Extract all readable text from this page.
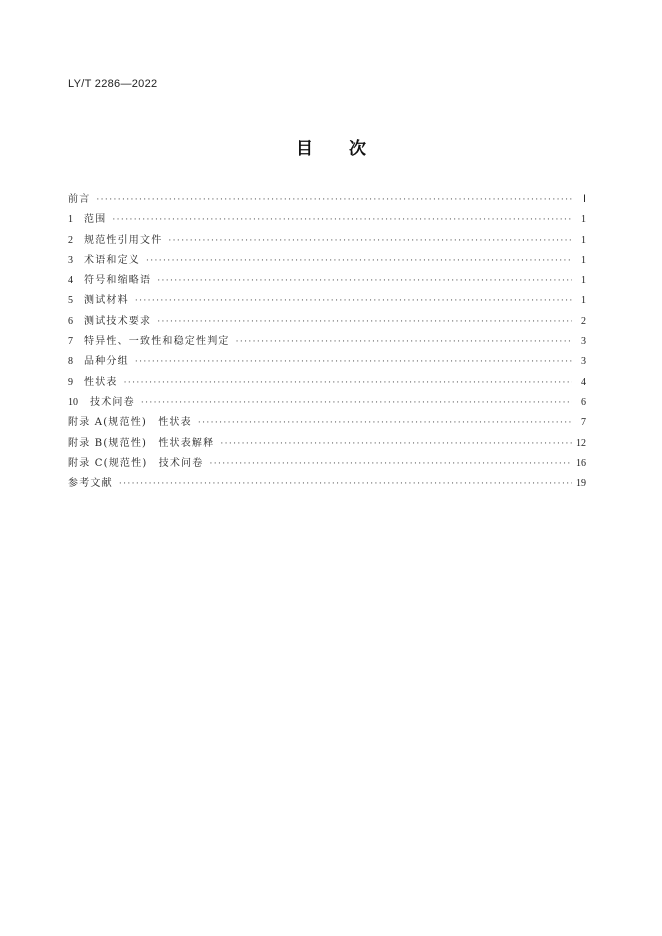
LY/T 2286—2022
目次
前言 ·····	Ⅰ
1	范围 ·····	1
2	规范性引用文件 ·····	1
3	术语和定义 ·····	1
4	符号和缩略语 ·····	1
5	测试材料 ·····	1
6	测试技术要求 ·····	2
7	特异性、一致性和稳定性判定 ·····	3
8	品种分组 ·····	3
9	性状表 ·····	4
10	技术问卷 ·····	6
附录 A(规范性)　性状表 ·····	7
附录 B(规范性)　性状表解释 ·····	12
附录 C(规范性)　技术问卷 ·····	16
参考文献 ·····	19
